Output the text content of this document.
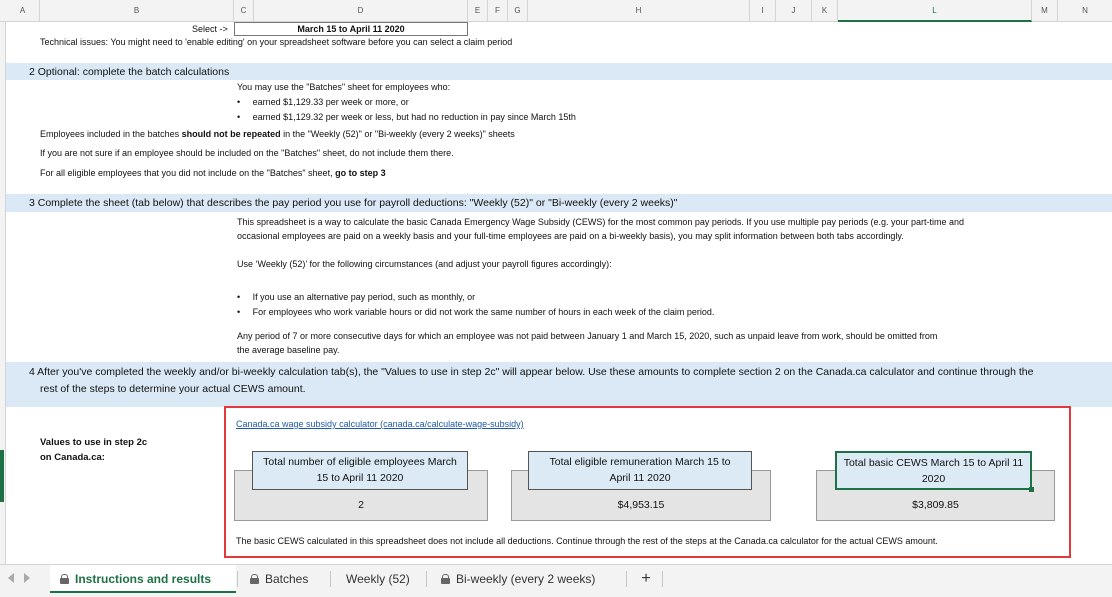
A	B	C	D	E	F	G	H	I	J	K	L	M	N
Select ->	March 15 to April 11 2020
Technical issues: You might need to 'enable editing' on your spreadsheet software before you can select a claim period
2 Optional: complete the batch calculations
You may use the "Batches" sheet for employees who:
•     earned $1,129.33 per week or more, or
•     earned $1,129.32 per week or less, but had no reduction in pay since March 15th
Employees included in the batches should not be repeated in the "Weekly (52)" or "Bi-weekly (every 2 weeks)" sheets
If you are not sure if an employee should be included on the "Batches" sheet, do not include them there.
For all eligible employees that you did not include on the "Batches" sheet, go to step 3
3 Complete the sheet (tab below) that describes the pay period you use for payroll deductions: "Weekly (52)" or "Bi-weekly (every 2 weeks)"
This spreadsheet is a way to calculate the basic Canada Emergency Wage Subsidy (CEWS) for the most common pay periods. If you use multiple pay periods (e.g. your part-time and
occasional employees are paid on a weekly basis and your full-time employees are paid on a bi-weekly basis), you may split information between both tabs accordingly.
Use ‘Weekly (52)’ for the following circumstances (and adjust your payroll figures accordingly):
•     If you use an alternative pay period, such as monthly, or
•     For employees who work variable hours or did not work the same number of hours in each week of the claim period.
Any period of 7 or more consecutive days for which an employee was not paid between January 1 and March 15, 2020, such as unpaid leave from work, should be omitted from
the average baseline pay.
4 After you've completed the weekly and/or bi-weekly calculation tab(s), the "Values to use in step 2c" will appear below. Use these amounts to complete section 2 on the Canada.ca calculator and continue through the
rest of the steps to determine your actual CEWS amount.
Values to use in step 2c
on Canada.ca:
Canada.ca wage subsidy calculator (canada.ca/calculate-wage-subsidy)
Total number of eligible employees March
15 to April 11 2020
2
Total eligible remuneration March 15 to
April 11 2020
$4,953.15
Total basic CEWS March 15 to April 11
2020
$3,809.85
The basic CEWS calculated in this spreadsheet does not include all deductions. Continue through the rest of the steps at the Canada.ca calculator for the actual CEWS amount.
Instructions and results	Batches	Weekly (52)	Bi-weekly (every 2 weeks)	+
